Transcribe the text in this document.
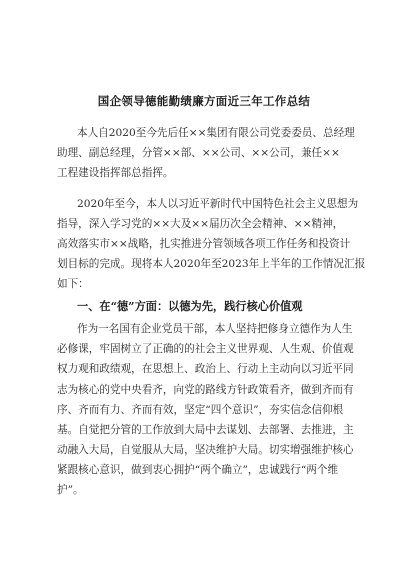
国企领导德能勤绩廉方面近三年工作总结
本人自2020至今先后任××集团有限公司党委委员、总经理
助理、副总经理，分管××部、××公司、××公司，兼任××
工程建设指挥部总指挥。
2020年至今，本人以习近平新时代中国特色社会主义思想为
指导，深入学习党的××大及××届历次全会精神、××精神，
高效落实市××战略，扎实推进分管领域各项工作任务和投资计
划目标的完成。现将本人2020年至2023年上半年的工作情况汇报
如下：
一、在“德”方面：以德为先，践行核心价值观
作为一名国有企业党员干部，本人坚持把修身立德作为人生
必修课，牢固树立了正确的的社会主义世界观、人生观、价值观
权力观和政绩观，在思想上、政治上、行动上主动向以习近平同
志为核心的党中央看齐，向党的路线方针政策看齐，做到齐而有
序、齐而有力、齐而有效，坚定“四个意识”，夯实信念信仰根
基。自觉把分管的工作放到大局中去谋划、去部署、去推进，主
动融入大局，自觉服从大局，坚决维护大局。切实增强维护核心
紧跟核心意识，做到衷心拥护“两个确立”，忠诚践行“两个维
护”。
